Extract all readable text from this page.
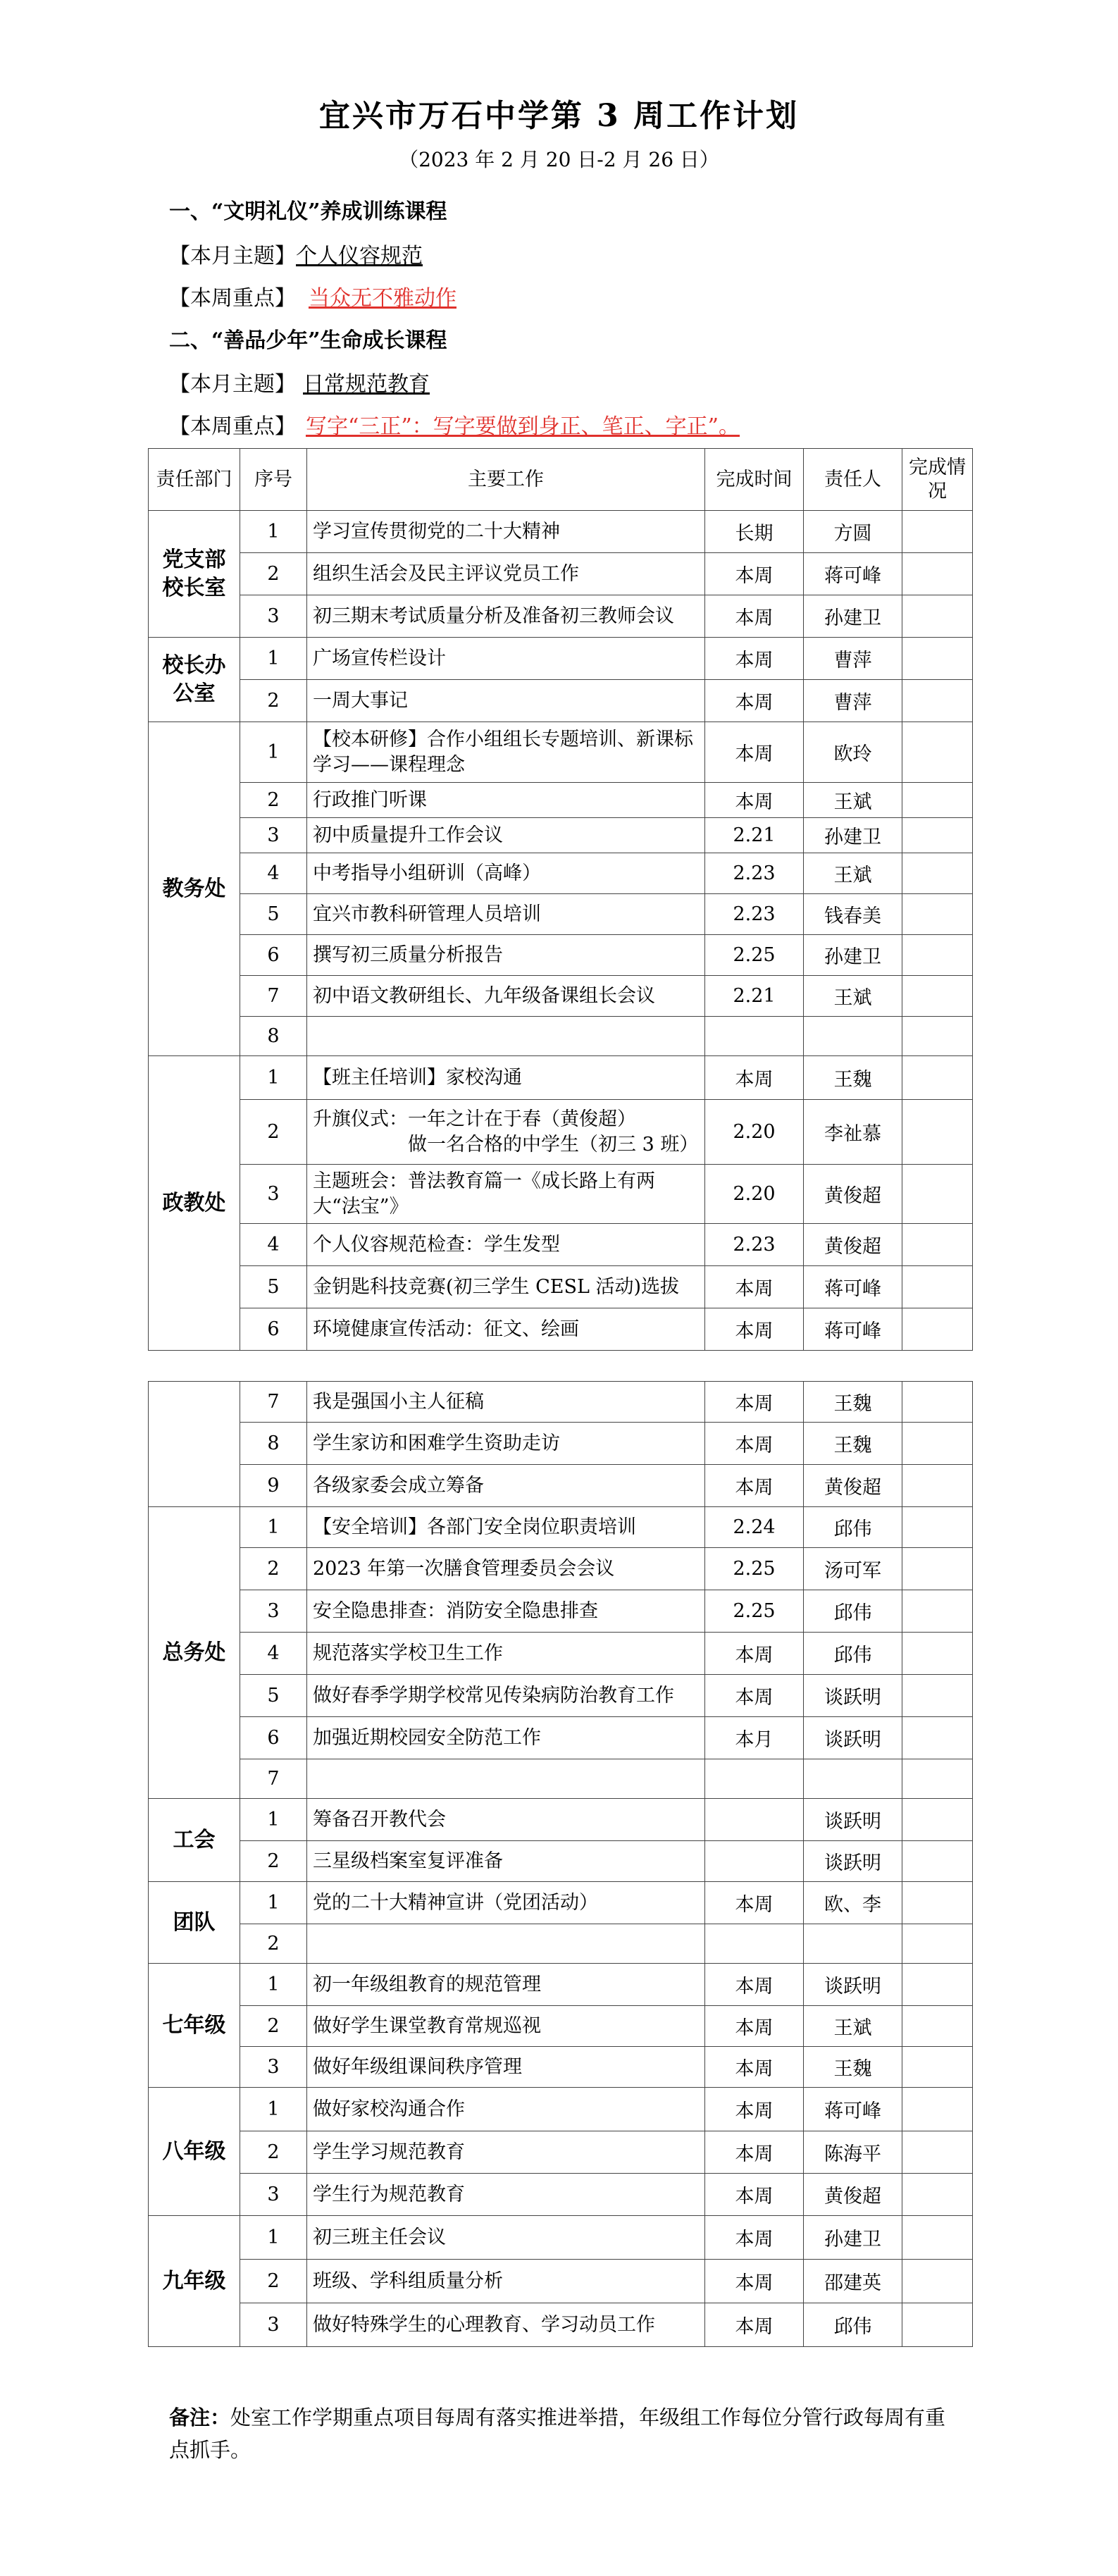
宜兴市万石中学第 3 周工作计划
（2023 年 2 月 20 日-2 月 26 日）
一、“文明礼仪”养成训练课程
【本月主题】个人仪容规范
【本周重点】 当众无不雅动作
二、“善品少年”生命成长课程
【本月主题】 日常规范教育
【本周重点】 写字“三正”：写字要做到身正、笔正、字正”。
责任部门	序号	主要工作	完成时间	责任人	完成情况
党支部校长室	1	学习宣传贯彻党的二十大精神	长期	方圆	
	2	组织生活会及民主评议党员工作	本周	蒋可峰	
	3	初三期末考试质量分析及准备初三教师会议	本周	孙建卫	
校长办公室	1	广场宣传栏设计	本周	曹萍	
	2	一周大事记	本周	曹萍	
教务处	1	【校本研修】合作小组组长专题培训、新课标学习——课程理念	本周	欧玲	
	2	行政推门听课	本周	王斌	
	3	初中质量提升工作会议	2.21	孙建卫	
	4	中考指导小组研训（高峰）	2.23	王斌	
	5	宜兴市教科研管理人员培训	2.23	钱春美	
	6	撰写初三质量分析报告	2.25	孙建卫	
	7	初中语文教研组长、九年级备课组长会议	2.21	王斌	
	8				
政教处	1	【班主任培训】家校沟通	本周	王魏	
	2	升旗仪式：一年之计在于春（黄俊超）
　　　　　做一名合格的中学生（初三 3 班）	2.20	李祉慕	
	3	主题班会：普法教育篇一《成长路上有两大“法宝”》	2.20	黄俊超	
	4	个人仪容规范检查：学生发型	2.23	黄俊超	
	5	金钥匙科技竞赛(初三学生 CESL 活动)选拔	本周	蒋可峰	
	6	环境健康宣传活动：征文、绘画	本周	蒋可峰	
	7	我是强国小主人征稿	本周	王魏	
	8	学生家访和困难学生资助走访	本周	王魏	
	9	各级家委会成立筹备	本周	黄俊超	
总务处	1	【安全培训】各部门安全岗位职责培训	2.24	邱伟	
	2	2023 年第一次膳食管理委员会会议	2.25	汤可军	
	3	安全隐患排查：消防安全隐患排查	2.25	邱伟	
	4	规范落实学校卫生工作	本周	邱伟	
	5	做好春季学期学校常见传染病防治教育工作	本周	谈跃明	
	6	加强近期校园安全防范工作	本月	谈跃明	
	7				
工会	1	筹备召开教代会		谈跃明	
	2	三星级档案室复评准备		谈跃明	
团队	1	党的二十大精神宣讲（党团活动）	本周	欧、李	
	2				
七年级	1	初一年级组教育的规范管理	本周	谈跃明	
	2	做好学生课堂教育常规巡视	本周	王斌	
	3	做好年级组课间秩序管理	本周	王魏	
八年级	1	做好家校沟通合作	本周	蒋可峰	
	2	学生学习规范教育	本周	陈海平	
	3	学生行为规范教育	本周	黄俊超	
九年级	1	初三班主任会议	本周	孙建卫	
	2	班级、学科组质量分析	本周	邵建英	
	3	做好特殊学生的心理教育、学习动员工作	本周	邱伟	
备注：处室工作学期重点项目每周有落实推进举措，年级组工作每位分管行政每周有重点抓手。
